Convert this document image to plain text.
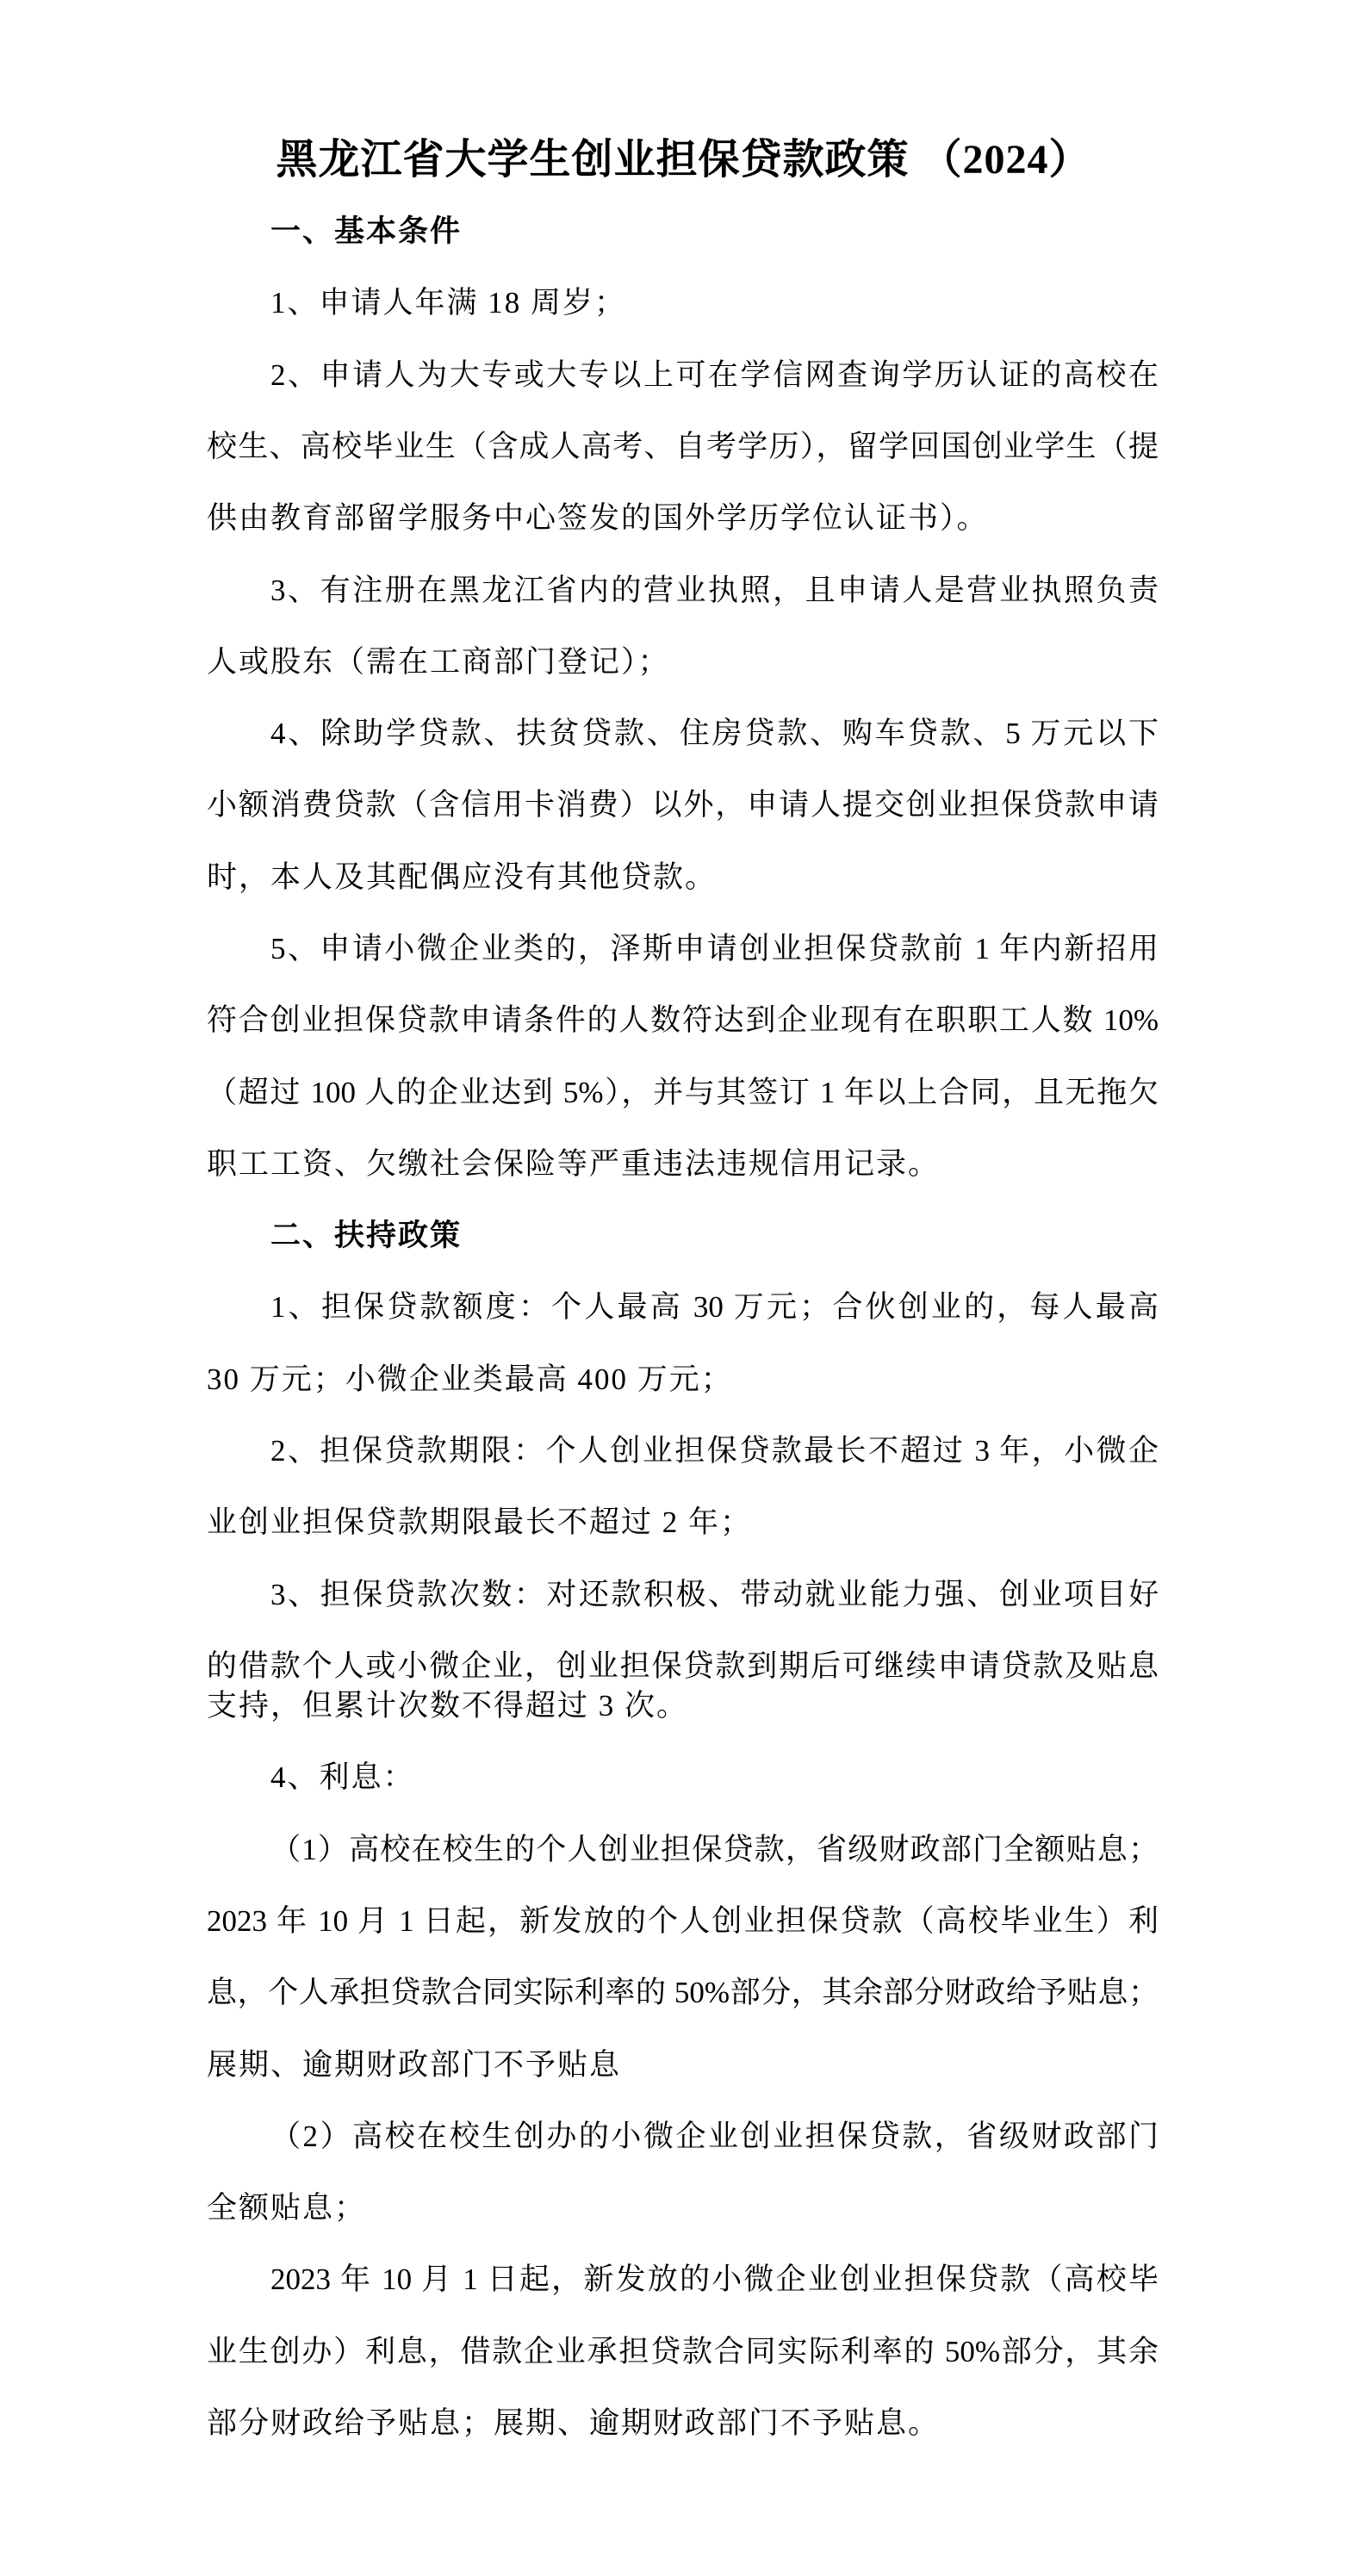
黑龙江省大学生创业担保贷款政策 （2024）
一、基本条件
1、申请人年满 18 周岁；
2、申请人为大专或大专以上可在学信网查询学历认证的高校在
校生、高校毕业生（含成人高考、自考学历），留学回国创业学生（提
供由教育部留学服务中心签发的国外学历学位认证书）。
3、有注册在黑龙江省内的营业执照，且申请人是营业执照负责
人或股东（需在工商部门登记）；
4、除助学贷款、扶贫贷款、住房贷款、购车贷款、5 万元以下
小额消费贷款（含信用卡消费）以外，申请人提交创业担保贷款申请
时，本人及其配偶应没有其他贷款。
5、申请小微企业类的，泽斯申请创业担保贷款前 1 年内新招用
符合创业担保贷款申请条件的人数符达到企业现有在职职工人数 10%
（超过 100 人的企业达到 5%），并与其签订 1 年以上合同，且无拖欠
职工工资、欠缴社会保险等严重违法违规信用记录。
二、扶持政策
1、担保贷款额度：个人最高 30 万元；合伙创业的，每人最高
30 万元；小微企业类最高 400 万元；
2、担保贷款期限：个人创业担保贷款最长不超过 3 年，小微企
业创业担保贷款期限最长不超过 2 年；
3、担保贷款次数：对还款积极、带动就业能力强、创业项目好
的借款个人或小微企业，创业担保贷款到期后可继续申请贷款及贴息
支持，但累计次数不得超过 3 次。
4、利息：
（1）高校在校生的个人创业担保贷款，省级财政部门全额贴息；
2023 年 10 月 1 日起，新发放的个人创业担保贷款（高校毕业生）利
息，个人承担贷款合同实际利率的 50%部分，其余部分财政给予贴息；
展期、逾期财政部门不予贴息
（2）高校在校生创办的小微企业创业担保贷款，省级财政部门
全额贴息；
2023 年 10 月 1 日起，新发放的小微企业创业担保贷款（高校毕
业生创办）利息，借款企业承担贷款合同实际利率的 50%部分，其余
部分财政给予贴息；展期、逾期财政部门不予贴息。
